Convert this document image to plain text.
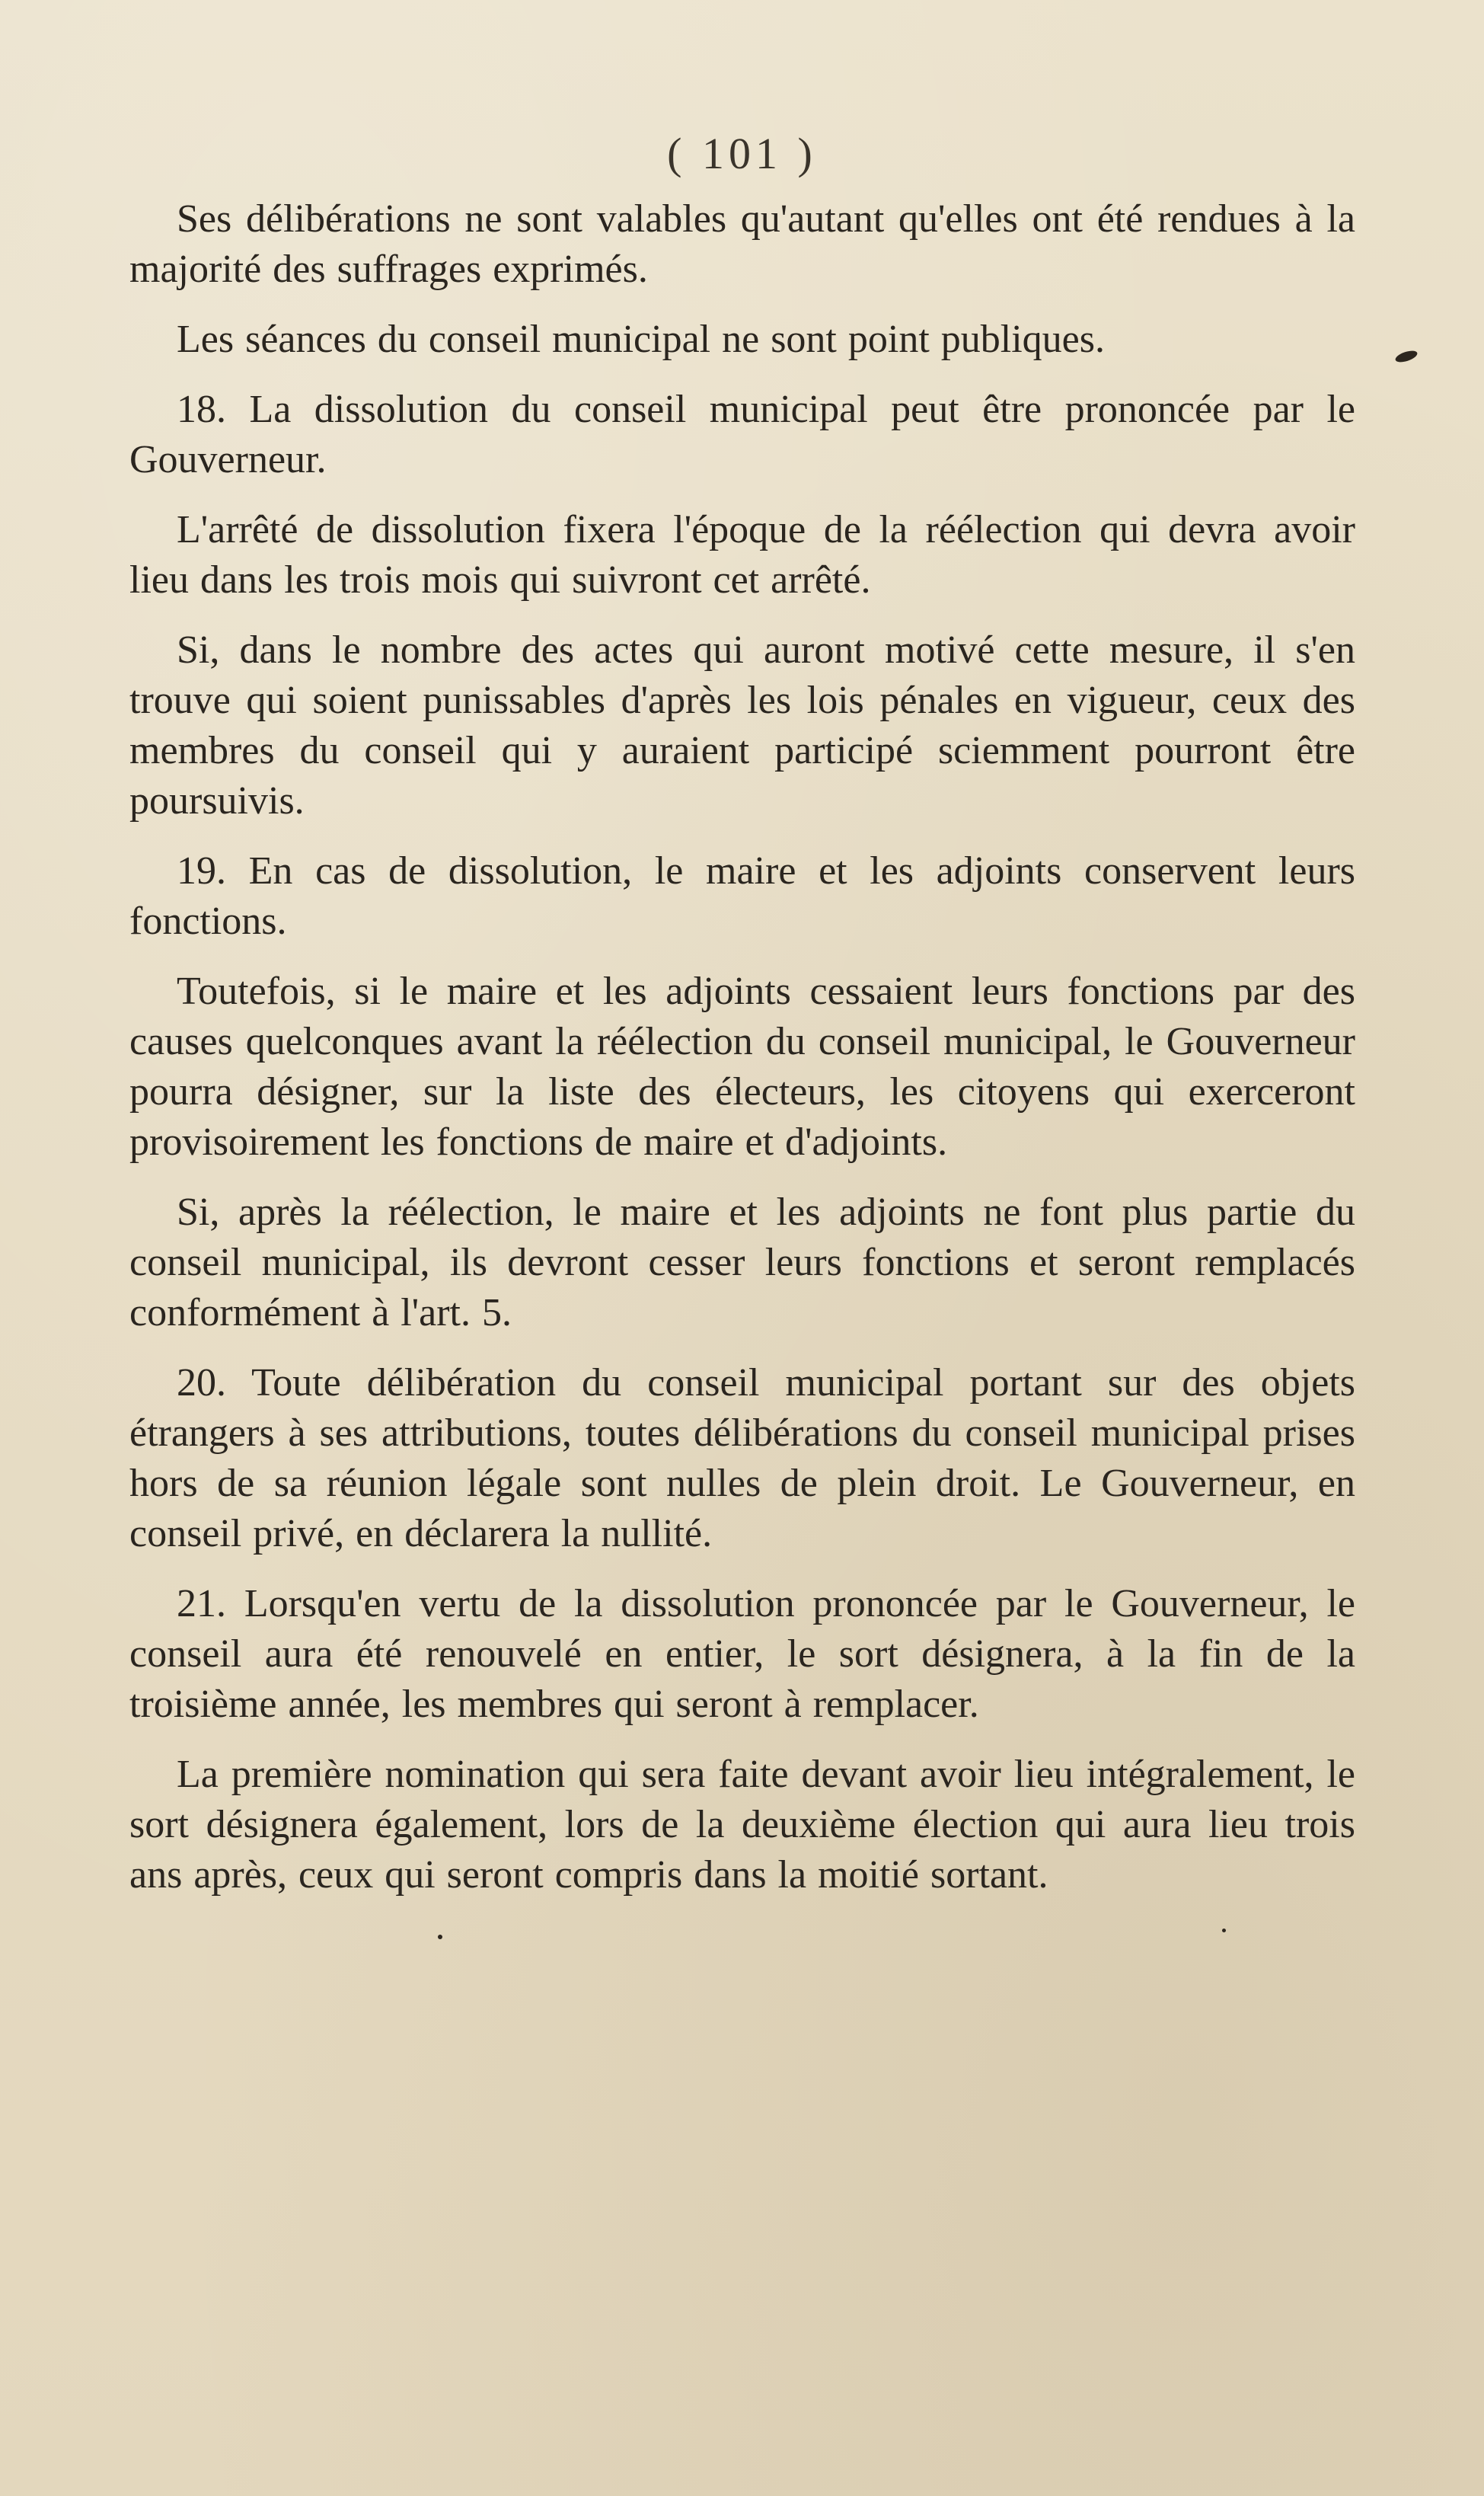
( 101 )

Ses délibérations ne sont valables qu'autant qu'elles ont été rendues à la majorité des suffrages exprimés.

Les séances du conseil municipal ne sont point publiques.

18. La dissolution du conseil municipal peut être prononcée par le Gouverneur.

L'arrêté de dissolution fixera l'époque de la réélection qui devra avoir lieu dans les trois mois qui suivront cet arrêté.

Si, dans le nombre des actes qui auront motivé cette mesure, il s'en trouve qui soient punissables d'après les lois pénales en vigueur, ceux des membres du conseil qui y auraient participé sciemment pourront être poursuivis.

19. En cas de dissolution, le maire et les adjoints conservent leurs fonctions.

Toutefois, si le maire et les adjoints cessaient leurs fonctions par des causes quelconques avant la réélection du conseil municipal, le Gouverneur pourra désigner, sur la liste des électeurs, les citoyens qui exerceront provisoirement les fonctions de maire et d'adjoints.

Si, après la réélection, le maire et les adjoints ne font plus partie du conseil municipal, ils devront cesser leurs fonctions et seront remplacés conformément à l'art. 5.

20. Toute délibération du conseil municipal portant sur des objets étrangers à ses attributions, toutes délibérations du conseil municipal prises hors de sa réunion légale sont nulles de plein droit. Le Gouverneur, en conseil privé, en déclarera la nullité.

21. Lorsqu'en vertu de la dissolution prononcée par le Gouverneur, le conseil aura été renouvelé en entier, le sort désignera, à la fin de la troisième année, les membres qui seront à remplacer.

La première nomination qui sera faite devant avoir lieu intégralement, le sort désignera également, lors de la deuxième élection qui aura lieu trois ans après, ceux qui seront compris dans la moitié sortant.
